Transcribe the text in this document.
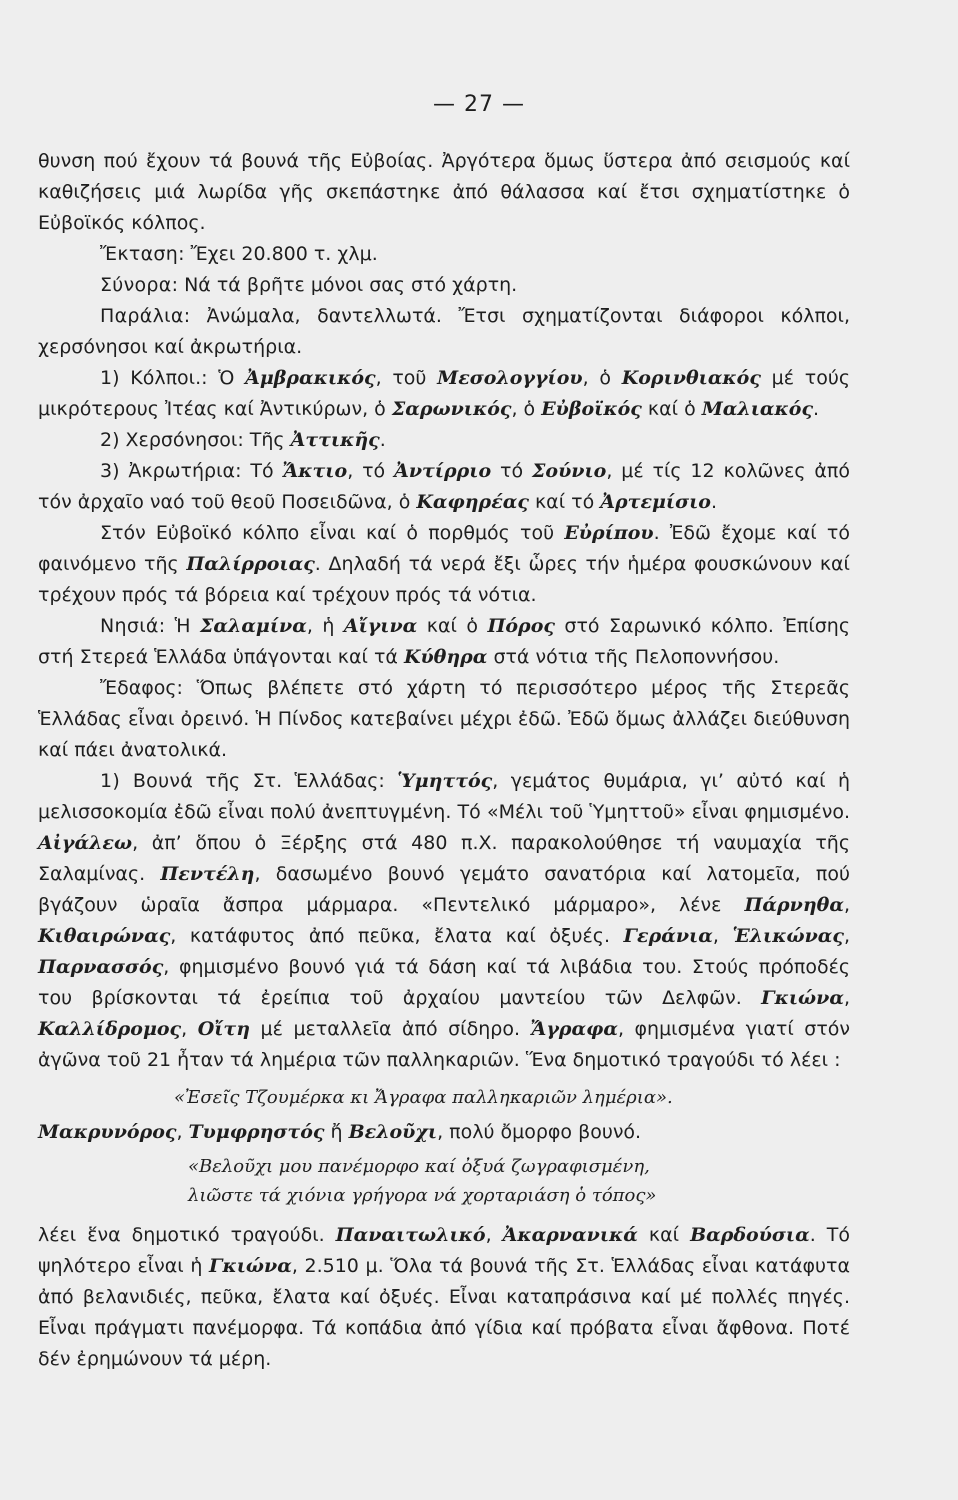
— 27 —

θυνση πού ἔχουν τά βουνά τῆς Εὐβοίας. Ἀργότερα ὅμως ὕστερα ἀπό σεισμούς καί καθιζήσεις μιά λωρίδα γῆς σκεπάστηκε ἀπό θάλασσα καί ἔτσι σχηματίστηκε ὁ Εὐβοϊκός κόλπος.

Ἔκταση: Ἔχει 20.800 τ. χλμ.

Σύνορα: Νά τά βρῆτε μόνοι σας στό χάρτη.

Παράλια: Ἀνώμαλα, δαντελλωτά. Ἔτσι σχηματίζονται διάφοροι κόλποι, χερσόνησοι καί ἀκρωτήρια.

1) Κόλποι.: Ὁ Ἀμβρακικός, τοῦ Μεσολογγίου, ὁ Κορινθιακός μέ τούς μικρότερους Ἰτέας καί Ἀντικύρων, ὁ Σαρωνικός, ὁ Εὐβοϊκός καί ὁ Μαλιακός.

2) Χερσόνησοι: Τῆς Ἀττικῆς.

3) Ἀκρωτήρια: Τό Ἄκτιο, τό Ἀντίρριο τό Σούνιο, μέ τίς 12 κολῶνες ἀπό τόν ἀρχαῖο ναό τοῦ θεοῦ Ποσειδῶνα, ὁ Καφηρέας καί τό Ἀρτεμίσιο.

Στόν Εὐβοϊκό κόλπο εἶναι καί ὁ πορθμός τοῦ Εὐρίπου. Ἐδῶ ἔχομε καί τό φαινόμενο τῆς Παλίρροιας. Δηλαδή τά νερά ἔξι ὧρες τήν ἡμέρα φουσκώνουν καί τρέχουν πρός τά βόρεια καί τρέχουν πρός τά νότια.

Νησιά: Ἡ Σαλαμίνα, ἡ Αἴγινα καί ὁ Πόρος στό Σαρωνικό κόλπο. Ἐπίσης στή Στερεά Ἑλλάδα ὑπάγονται καί τά Κύθηρα στά νότια τῆς Πελοποννήσου.

Ἔδαφος: Ὅπως βλέπετε στό χάρτη τό περισσότερο μέρος τῆς Στερεᾶς Ἑλλάδας εἶναι ὀρεινό. Ἡ Πίνδος κατεβαίνει μέχρι ἐδῶ. Ἐδῶ ὅμως ἀλλάζει διεύθυνση καί πάει ἀνατολικά.

1) Βουνά τῆς Στ. Ἑλλάδας: Ὑμηττός, γεμάτος θυμάρια, γι’ αὐτό καί ἡ μελισσοκομία ἐδῶ εἶναι πολύ ἀνεπτυγμένη. Τό «Μέλι τοῦ Ὑμηττοῦ» εἶναι φημισμένο. Αἰγάλεω, ἀπ’ ὅπου ὁ Ξέρξης στά 480 π.Χ. παρακολούθησε τή ναυμαχία τῆς Σαλαμίνας. Πεντέλη, δασωμένο βουνό γεμάτο σανατόρια καί λατομεῖα, πού βγάζουν ὡραῖα ἄσπρα μάρμαρα. «Πεντελικό μάρμαρο», λένε Πάρνηθα, Κιθαιρώνας, κατάφυτος ἀπό πεῦκα, ἔλατα καί ὀξυές. Γεράνια, Ἑλικώνας, Παρνασσός, φημισμένο βουνό γιά τά δάση καί τά λιβάδια του. Στούς πρόποδές του βρίσκονται τά ἐρείπια τοῦ ἀρχαίου μαντείου τῶν Δελφῶν. Γκιώνα, Καλλίδρομος, Οἴτη μέ μεταλλεῖα ἀπό σίδηρο. Ἄγραφα, φημισμένα γιατί στόν ἀγῶνα τοῦ 21 ἦταν τά λημέρια τῶν παλληκαριῶν. Ἕνα δημοτικό τραγούδι τό λέει :

«Ἐσεῖς Τζουμέρκα κι Ἄγραφα παλληκαριῶν λημέρια».

Μακρυνόρος, Τυμφρηστός ἤ Βελοῦχι, πολύ ὄμορφο βουνό.

«Βελοῦχι μου πανέμορφο καί ὀξυά ζωγραφισμένη,
λιῶστε τά χιόνια γρήγορα νά χορταριάση ὁ τόπος»

λέει ἕνα δημοτικό τραγούδι. Παναιτωλικό, Ἀκαρνανικά καί Βαρδούσια. Τό ψηλότερο εἶναι ἡ Γκιώνα, 2.510 μ. Ὅλα τά βουνά τῆς Στ. Ἑλλάδας εἶναι κατάφυτα ἀπό βελανιδιές, πεῦκα, ἔλατα καί ὀξυές. Εἶναι καταπράσινα καί μέ πολλές πηγές. Εἶναι πράγματι πανέμορφα. Τά κοπάδια ἀπό γίδια καί πρόβατα εἶναι ἄφθονα. Ποτέ δέν ἐρημώνουν τά μέρη.
